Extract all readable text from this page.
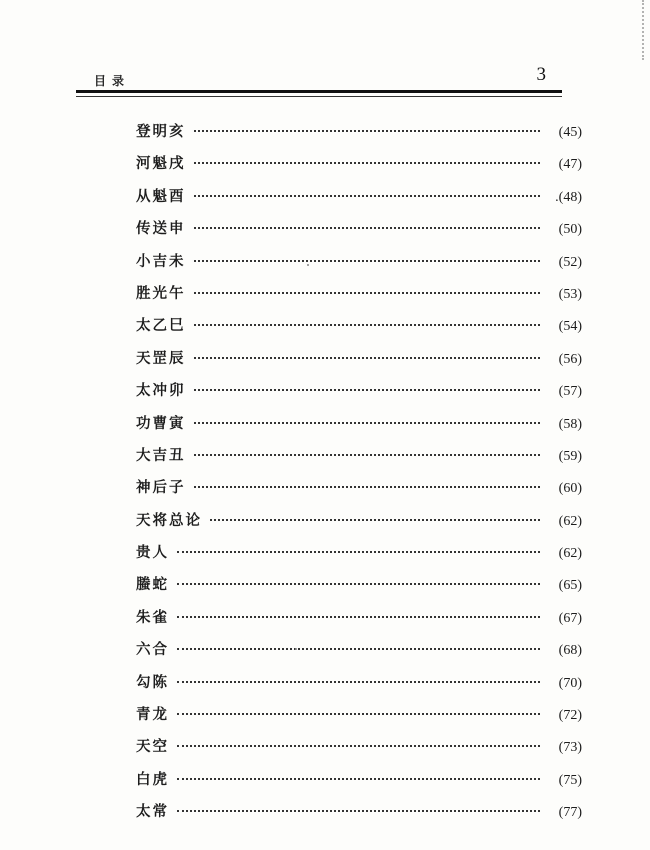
目录	3
登明亥	(45)
河魁戌	(47)
从魁酉	.(48)
传送申	(50)
小吉未	(52)
胜光午	(53)
太乙巳	(54)
天罡辰	(56)
太冲卯	(57)
功曹寅	(58)
大吉丑	(59)
神后子	(60)
天将总论	(62)
贵人	(62)
螣蛇	(65)
朱雀	(67)
六合	(68)
勾陈	(70)
青龙	(72)
天空	(73)
白虎	(75)
太常	(77)
